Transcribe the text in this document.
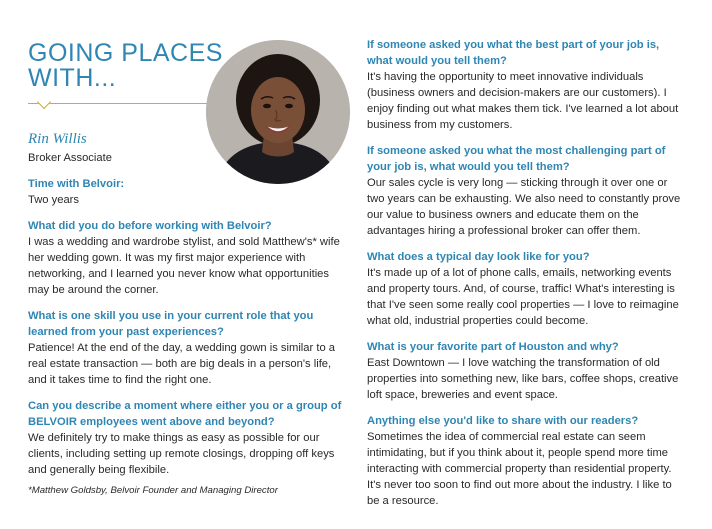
GOING PLACES
WITH...

Rin Willis

Broker Associate

Time with Belvoir:

Two years

What did you do before working with Belvoir?

I was a wedding and wardrobe stylist, and sold Matthew's* wife her wedding gown. It was my first major experience with networking, and I learned you never know what opportunities may be around the corner.

What is one skill you use in your current role that you learned from your past experiences?

Patience! At the end of the day, a wedding gown is similar to a real estate transaction — both are big deals in a person's life, and it takes time to find the right one.

Can you describe a moment where either you or a group of BELVOIR employees went above and beyond?

We definitely try to make things as easy as possible for our clients, including setting up remote closings, dropping off keys and generally being flexibile.

*Matthew Goldsby, Belvoir Founder and Managing Director

If someone asked you what the best part of your job is, what would you tell them?

It's having the opportunity to meet innovative individuals (business owners and decision-makers are our customers). I enjoy finding out what makes them tick. I've learned a lot about business from my customers.

If someone asked you what the most challenging part of your job is, what would you tell them?

Our sales cycle is very long — sticking through it over one or two years can be exhausting. We also need to constantly prove our value to business owners and educate them on the advantages hiring a professional broker can offer them.

What does a typical day look like for you?

It's made up of a lot of phone calls, emails, networking events and property tours. And, of course, traffic! What's interesting is that I've seen some really cool properties — I love to reimagine what old, industrial properties could become.

What is your favorite part of Houston and why?

East Downtown — I love watching the transformation of old properties into something new, like bars, coffee shops, creative loft space, breweries and event space.

Anything else you'd like to share with our readers?

Sometimes the idea of commercial real estate can seem intimidating, but if you think about it, people spend more time interacting with commercial property than residential property. It's never too soon to find out more about the industry. I like to be a resource.
